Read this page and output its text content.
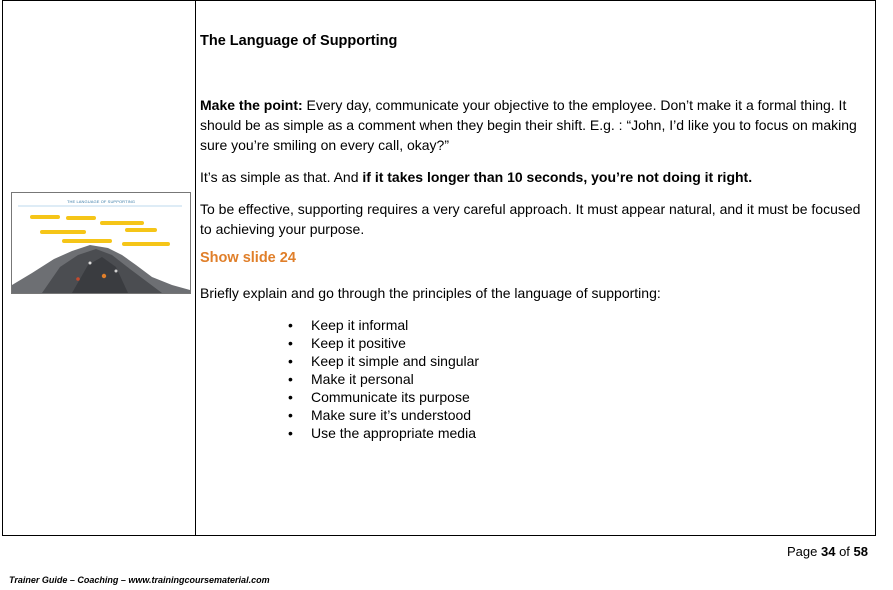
THE LANGUAGE OF SUPPORTING
The Language of Supporting

Make the point: Every day, communicate your objective to the employee. Don’t make it a formal thing. It should be as simple as a comment when they begin their shift. E.g. : “John, I’d like you to focus on making sure you’re smiling on every call, okay?”

It’s as simple as that. And if it takes longer than 10 seconds, you’re not doing it right.

To be effective, supporting requires a very careful approach. It must appear natural, and it must be focused to achieving your purpose.

Show slide 24

Briefly explain and go through the principles of the language of supporting:

• Keep it informal
• Keep it positive
• Keep it simple and singular
• Make it personal
• Communicate its purpose
• Make sure it’s understood
• Use the appropriate media
Page 34 of 58
Trainer Guide – Coaching – www.trainingcoursematerial.com
